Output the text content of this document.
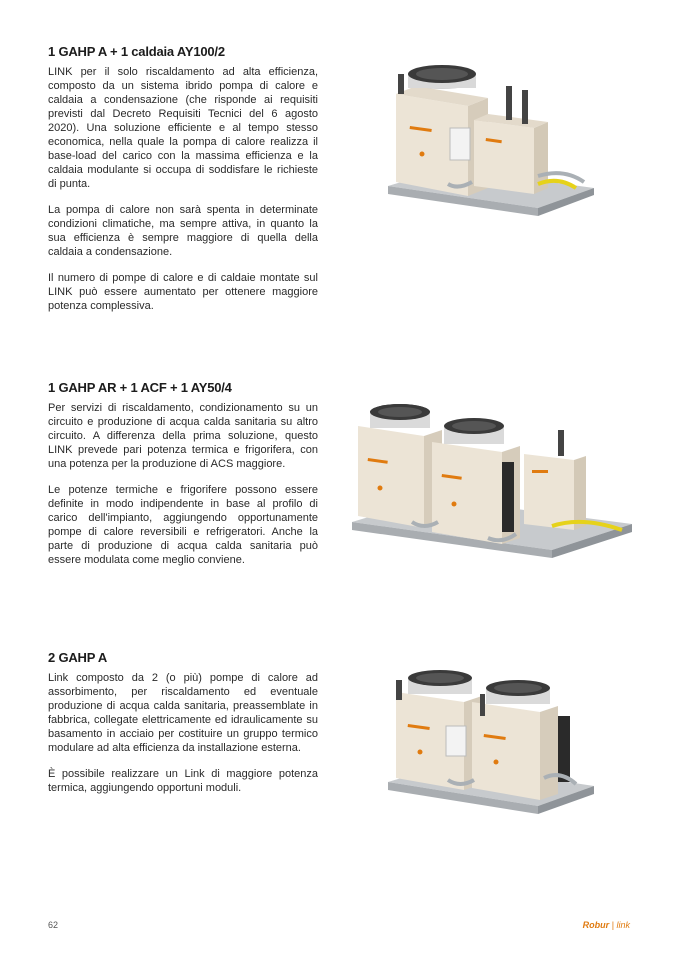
1 GAHP A + 1 caldaia AY100/2

LINK per il solo riscaldamento ad alta efficienza, composto da un sistema ibrido pompa di calore e caldaia a condensazione (che risponde ai requisiti previsti dal Decreto Requisiti Tecnici del 6 agosto 2020). Una soluzione efficiente e al tempo stesso economica, nella quale la pompa di calore realizza il base-load del carico con la massima efficienza e la caldaia modulante si occupa di soddisfare le richieste di punta.

La pompa di calore non sarà spenta in determinate condizioni climatiche, ma sempre attiva, in quanto la sua efficienza è sempre maggiore di quella della caldaia a condensazione.

Il numero di pompe di calore e di caldaie montate sul LINK può essere aumentato per ottenere maggiore potenza complessiva.

1 GAHP AR + 1 ACF + 1 AY50/4

Per servizi di riscaldamento, condizionamento su un circuito e produzione di acqua calda sanitaria su altro circuito. A differenza della prima soluzione, questo LINK prevede pari potenza termica e frigorifera, con una potenza per la produzione di ACS maggiore.

Le potenze termiche e frigorifere possono essere definite in modo indipendente in base al profilo di carico dell'impianto, aggiungendo opportunamente pompe di calore reversibili e refrigeratori. Anche la parte di produzione di acqua calda sanitaria può essere modulata come meglio conviene.

2 GAHP A

Link composto da 2 (o più) pompe di calore ad assorbimento, per riscaldamento ed eventuale produzione di acqua calda sanitaria, preassemblate in fabbrica, collegate elettricamente ed idraulicamente su basamento in acciaio per costituire un gruppo termico modulare ad alta efficienza da installazione esterna.

È possibile realizzare un Link di maggiore potenza termica, aggiungendo opportuni moduli.

62	Robur | link
